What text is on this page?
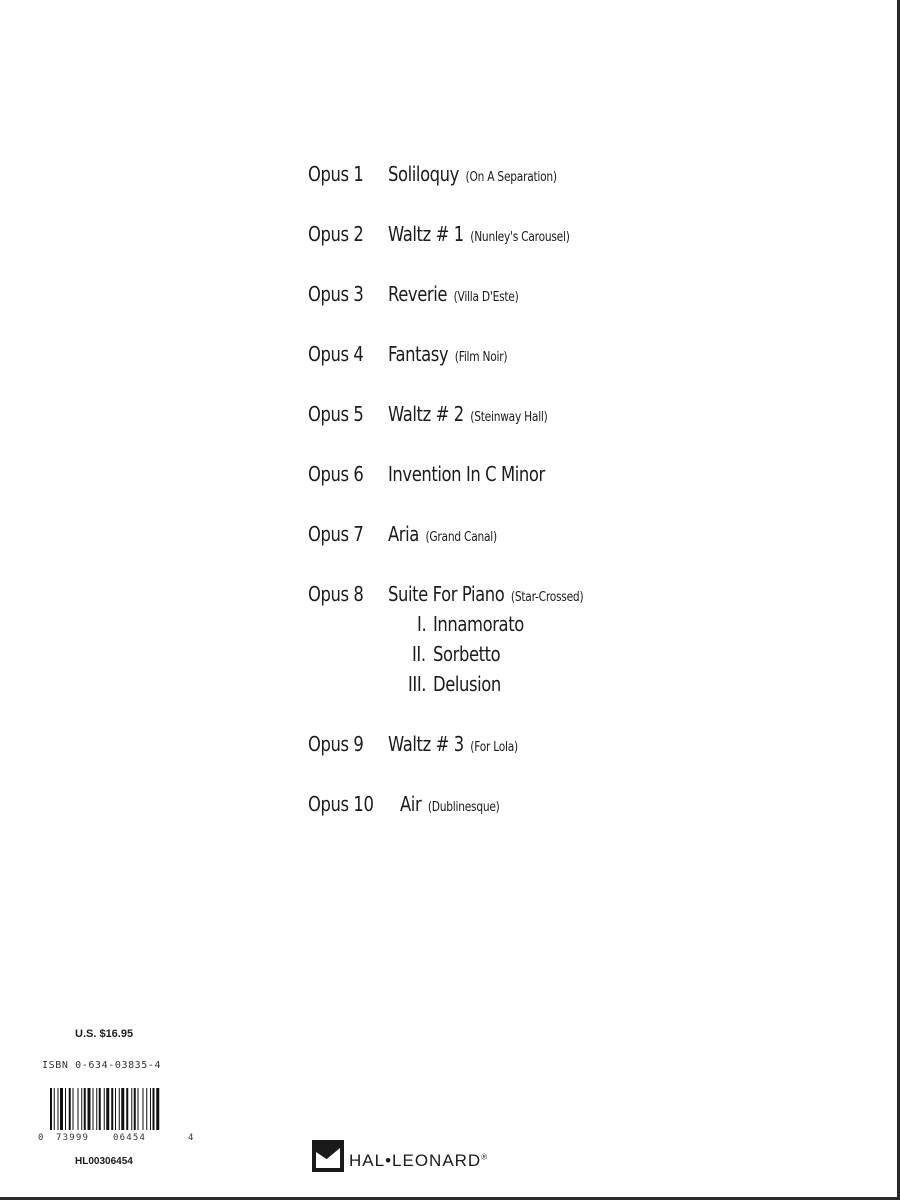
Opus 1 Soliloquy (On A Separation)
Opus 2 Waltz # 1 (Nunley's Carousel)
Opus 3 Reverie (Villa D'Este)
Opus 4 Fantasy (Film Noir)
Opus 5 Waltz # 2 (Steinway Hall)
Opus 6 Invention In C Minor
Opus 7 Aria (Grand Canal)
Opus 8 Suite For Piano (Star-Crossed)
I. Innamorato
II. Sorbetto
III. Delusion
Opus 9 Waltz # 3 (For Lola)
Opus 10 Air (Dublinesque)
U.S. $16.95
ISBN 0-634-03835-4
0 73999	06454	4
HL00306454	HAL•LEONARD®
